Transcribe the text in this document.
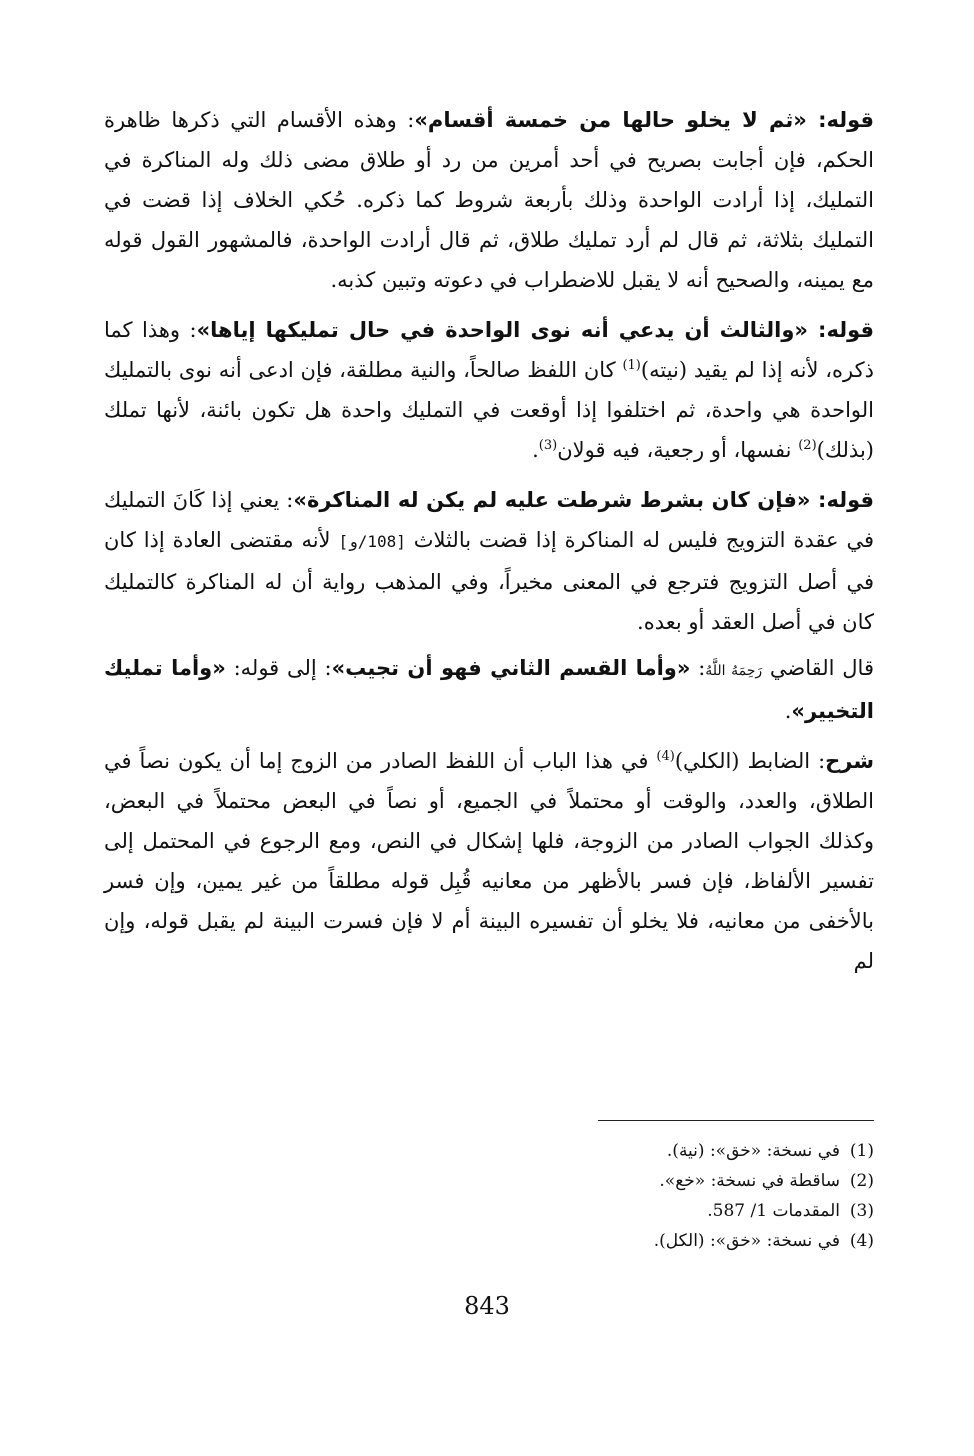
قوله: «ثم لا يخلو حالها من خمسة أقسام»: وهذه الأقسام التي ذكرها ظاهرة الحكم، فإن أجابت بصريح في أحد أمرين من رد أو طلاق مضى ذلك وله المناكرة في التمليك، إذا أرادت الواحدة وذلك بأربعة شروط كما ذكره. حُكي الخلاف إذا قضت في التمليك بثلاثة، ثم قال لم أرد تمليك طلاق، ثم قال أرادت الواحدة، فالمشهور القول قوله مع يمينه، والصحيح أنه لا يقبل للاضطراب في دعوته وتبين كذبه.

قوله: «والثالث أن يدعي أنه نوى الواحدة في حال تمليكها إياها»: وهذا كما ذكره، لأنه إذا لم يقيد (نيته)$^{(1)}$ كان اللفظ صالحاً، والنية مطلقة، فإن ادعى أنه نوى بالتمليك الواحدة هي واحدة، ثم اختلفوا إذا أوقعت في التمليك واحدة هل تكون بائنة، لأنها تملك (بذلك)$^{(2)}$ نفسها، أو رجعية، فيه قولان$^{(3)}$.

قوله: «فإن كان بشرط شرطت عليه لم يكن له المناكرة»: يعني إذا كَانَ التمليك في عقدة التزويج فليس له المناكرة إذا قضت بالثلاث [108/و] لأنه مقتضى العادة إذا كان في أصل التزويج فترجع في المعنى مخيراً، وفي المذهب رواية أن له المناكرة كالتمليك كان في أصل العقد أو بعده.

قال القاضي رَحِمَهُ اللَّهُ: «وأما القسم الثاني فهو أن تجيب»: إلى قوله: «وأما تمليك التخيير».

شرح: الضابط (الكلي)$^{(4)}$ في هذا الباب أن اللفظ الصادر من الزوج إما أن يكون نصاً في الطلاق، والعدد، والوقت أو محتملاً في الجميع، أو نصاً في البعض محتملاً في البعض، وكذلك الجواب الصادر من الزوجة، فلها إشكال في النص، ومع الرجوع في المحتمل إلى تفسير الألفاظ، فإن فسر بالأظهر من معانيه قُبِل قوله مطلقاً من غير يمين، وإن فسر بالأخفى من معانيه، فلا يخلو أن تفسيره البينة أم لا فإن فسرت البينة لم يقبل قوله، وإن لم

(1)في نسخة: «خق»: (نية).

(2)ساقطة في نسخة: «خع».

(3)المقدمات 1/ 587.

(4)في نسخة: «خق»: (الكل).

843
